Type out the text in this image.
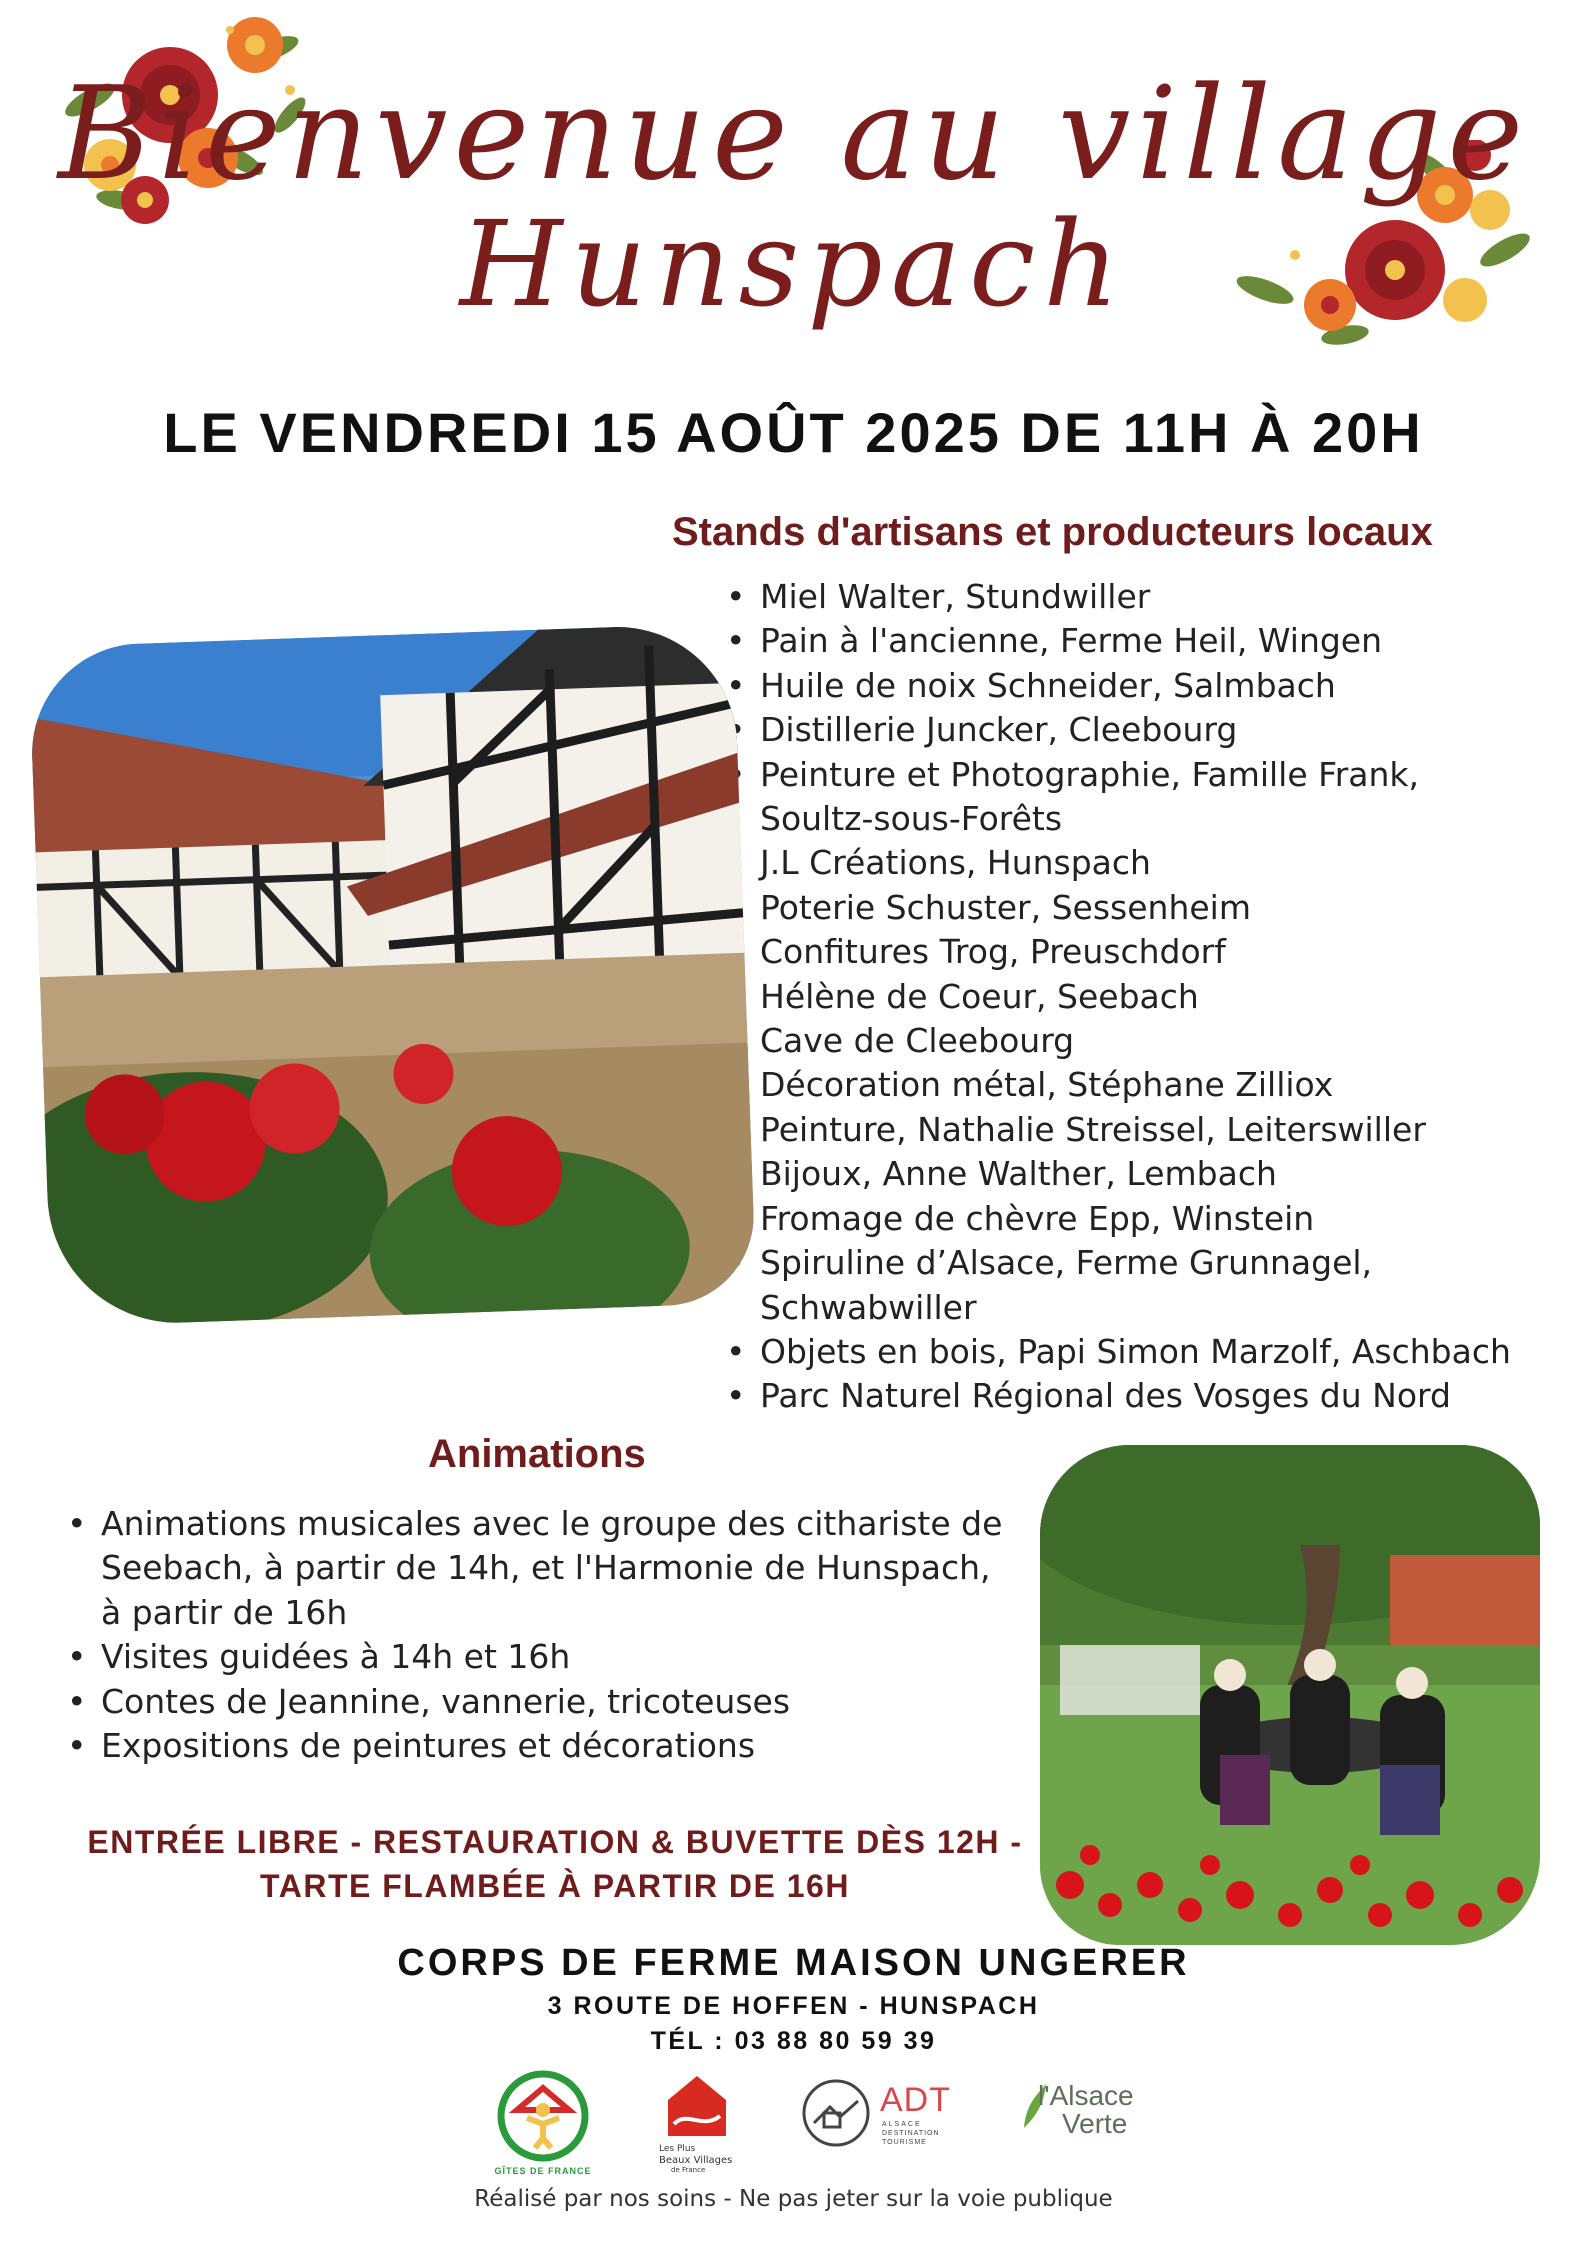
Bienvenue au village
Hunspach
LE VENDREDI 15 AOÛT 2025 DE 11H À 20H
Stands d'artisans et producteurs locaux
• Miel Walter, Stundwiller
• Pain à l'ancienne, Ferme Heil, Wingen
• Huile de noix Schneider, Salmbach
• Distillerie Juncker, Cleebourg
• Peinture et Photographie, Famille Frank,
Soultz-sous-Forêts
• J.L Créations, Hunspach
• Poterie Schuster, Sessenheim
• Confitures Trog, Preuschdorf
• Hélène de Coeur, Seebach
• Cave de Cleebourg
• Décoration métal, Stéphane Zilliox
• Peinture, Nathalie Streissel, Leiterswiller
• Bijoux, Anne Walther, Lembach
• Fromage de chèvre Epp, Winstein
• Spiruline d’Alsace, Ferme Grunnagel,
Schwabwiller
• Objets en bois, Papi Simon Marzolf, Aschbach
• Parc Naturel Régional des Vosges du Nord
Animations
• Animations musicales avec le groupe des cithariste de
Seebach, à partir de 14h, et l'Harmonie de Hunspach,
à partir de 16h
• Visites guidées à 14h et 16h
• Contes de Jeannine, vannerie, tricoteuses
• Expositions de peintures et décorations
ENTRÉE LIBRE - RESTAURATION & BUVETTE DÈS 12H -
TARTE FLAMBÉE À PARTIR DE 16H
CORPS DE FERME MAISON UNGERER
3 ROUTE DE HOFFEN - HUNSPACH
TÉL : 03 88 80 59 39
GÎTES DE FRANCE
Les Plus
Beaux Villages
de France
ADT
ALSACE
DESTINATION
TOURISME
l'Alsace
Verte
Réalisé par nos soins - Ne pas jeter sur la voie publique
